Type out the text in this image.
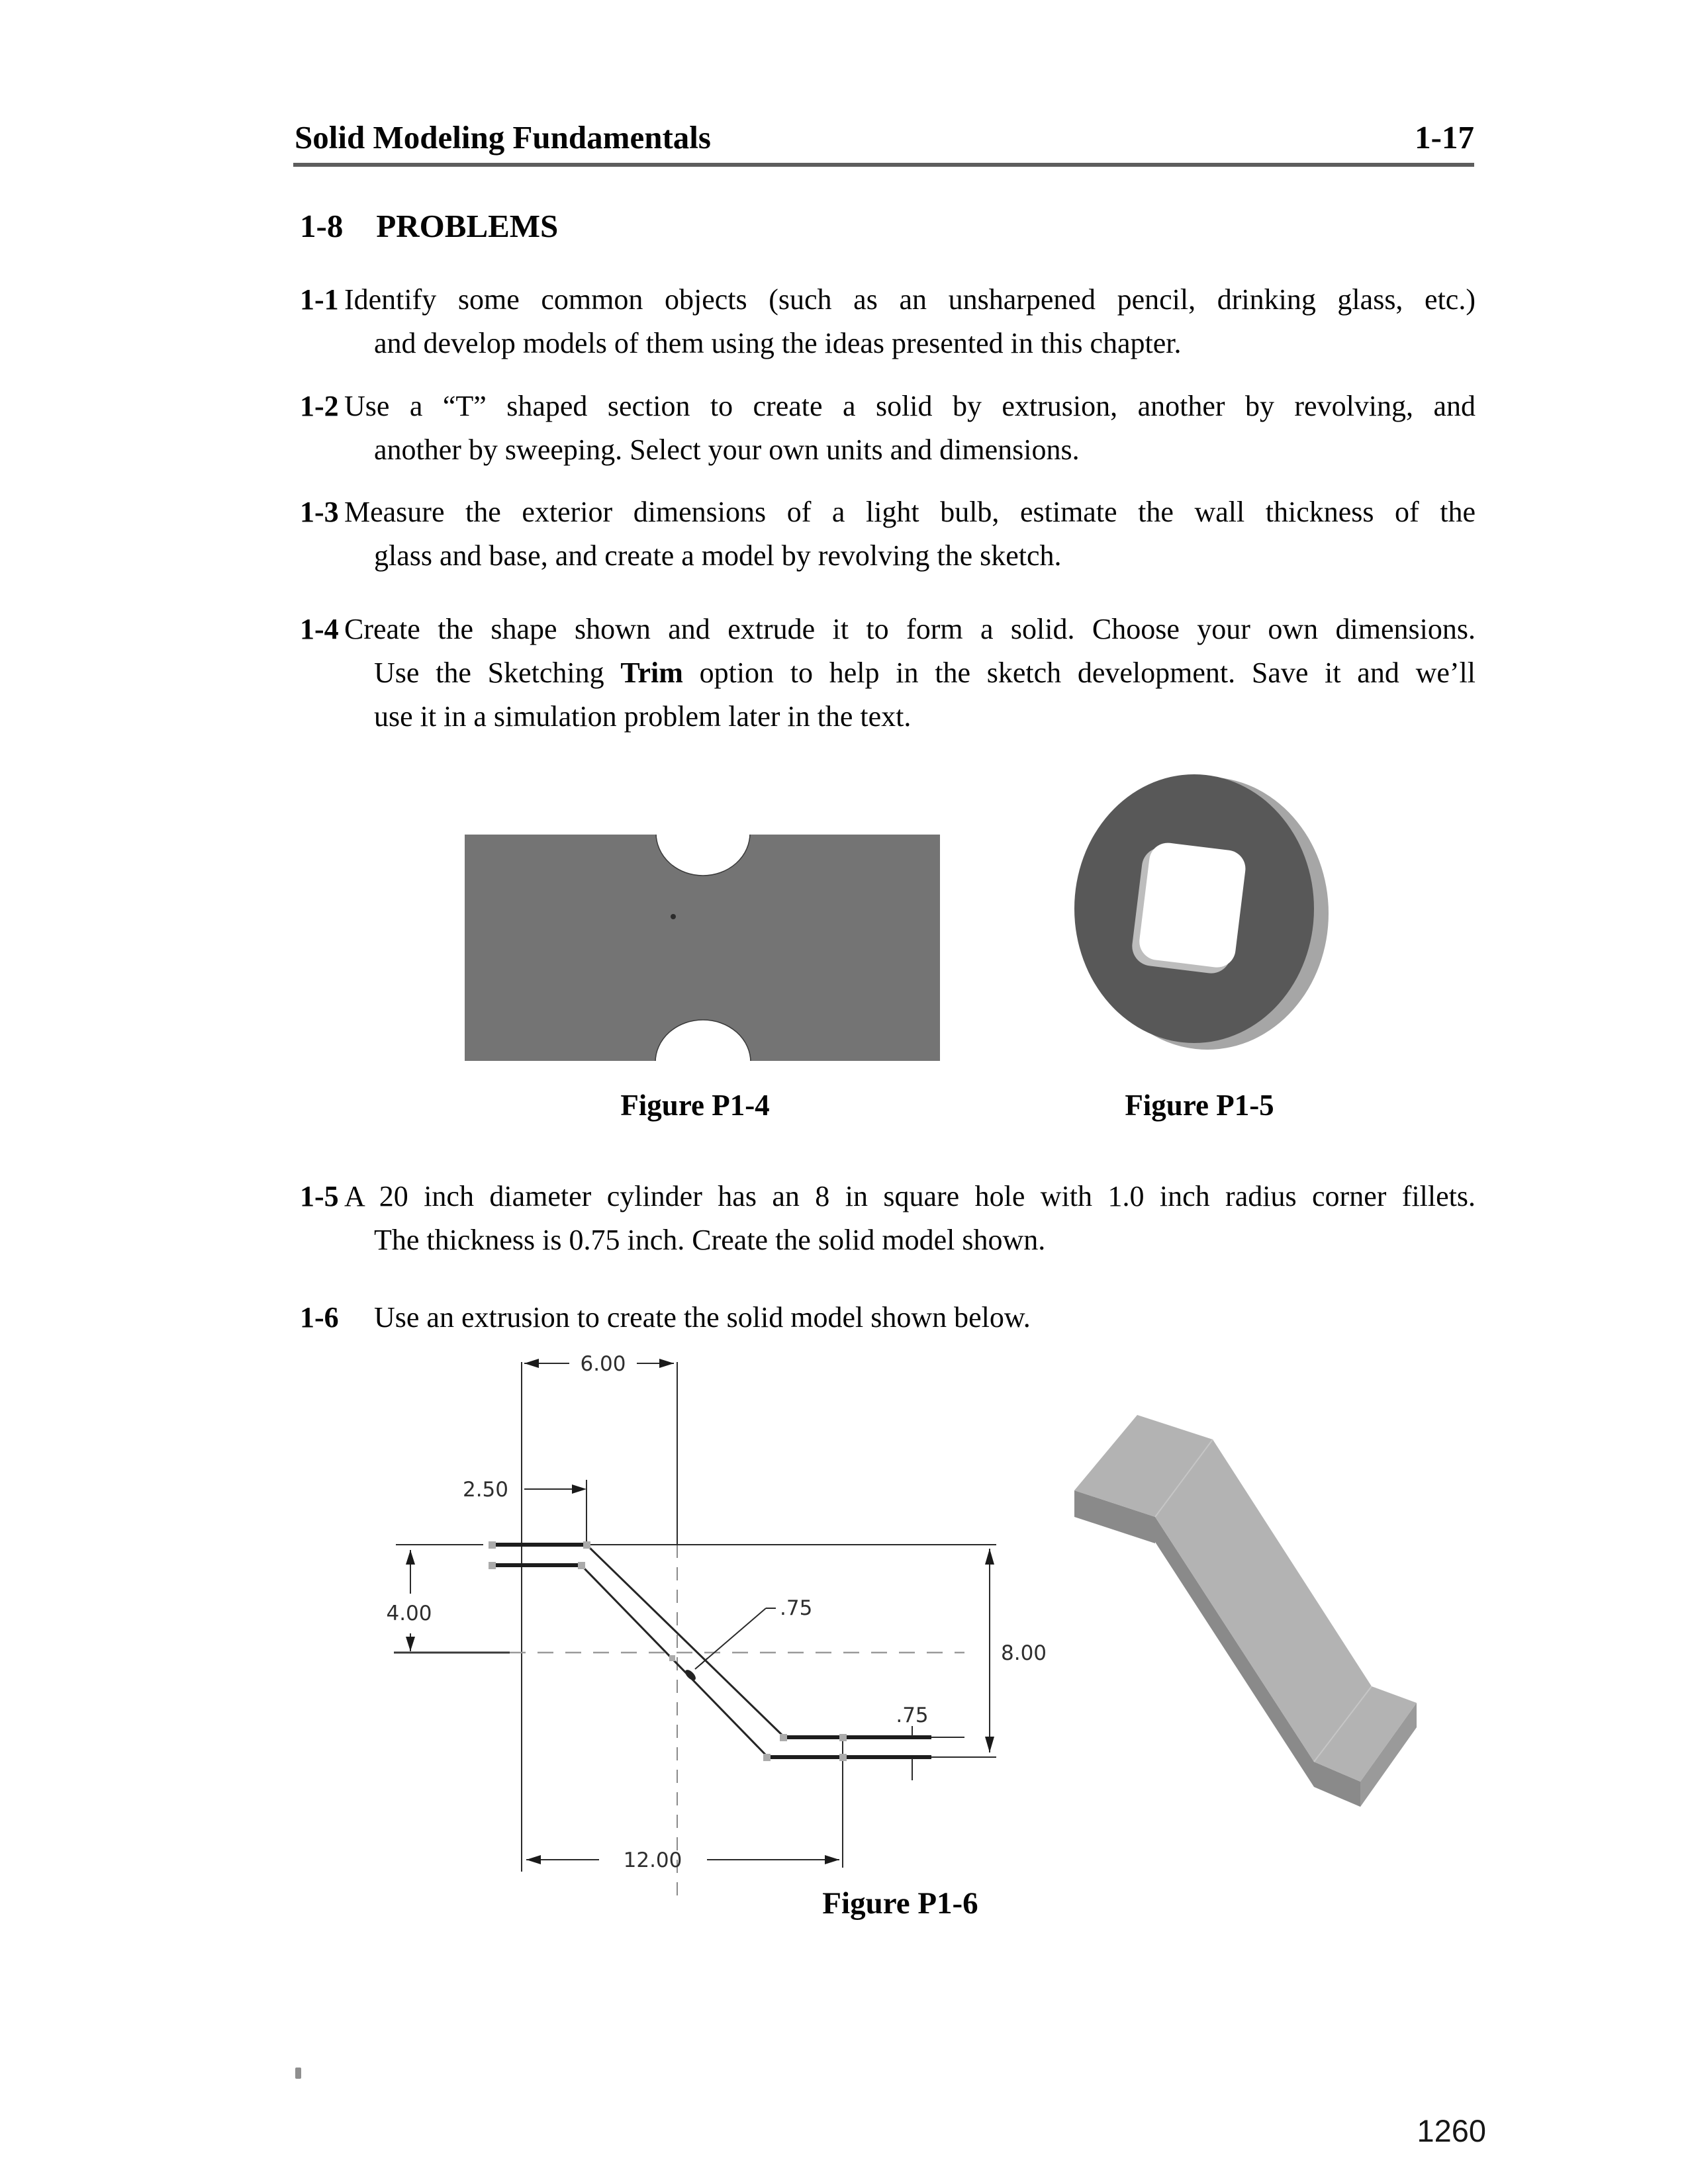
Solid Modeling Fundamentals	1-17
1-8 PROBLEMS
1-1 Identify some common objects (such as an unsharpened pencil, drinking glass, etc.)
and develop models of them using the ideas presented in this chapter.
1-2 Use a “T” shaped section to create a solid by extrusion, another by revolving, and
another by sweeping. Select your own units and dimensions.
1-3 Measure the exterior dimensions of a light bulb, estimate the wall thickness of the
glass and base, and create a model by revolving the sketch.
1-4 Create the shape shown and extrude it to form a solid. Choose your own dimensions.
Use the Sketching Trim option to help in the sketch development. Save it and we’ll
use it in a simulation problem later in the text.
Figure P1-4	Figure P1-5
1-5 A 20 inch diameter cylinder has an 8 in square hole with 1.0 inch radius corner fillets.
The thickness is 0.75 inch. Create the solid model shown.
1-6	Use an extrusion to create the solid model shown below.
6.00
2.50
4.00	.75
8.00
.75
12.00
Figure P1-6
1260
